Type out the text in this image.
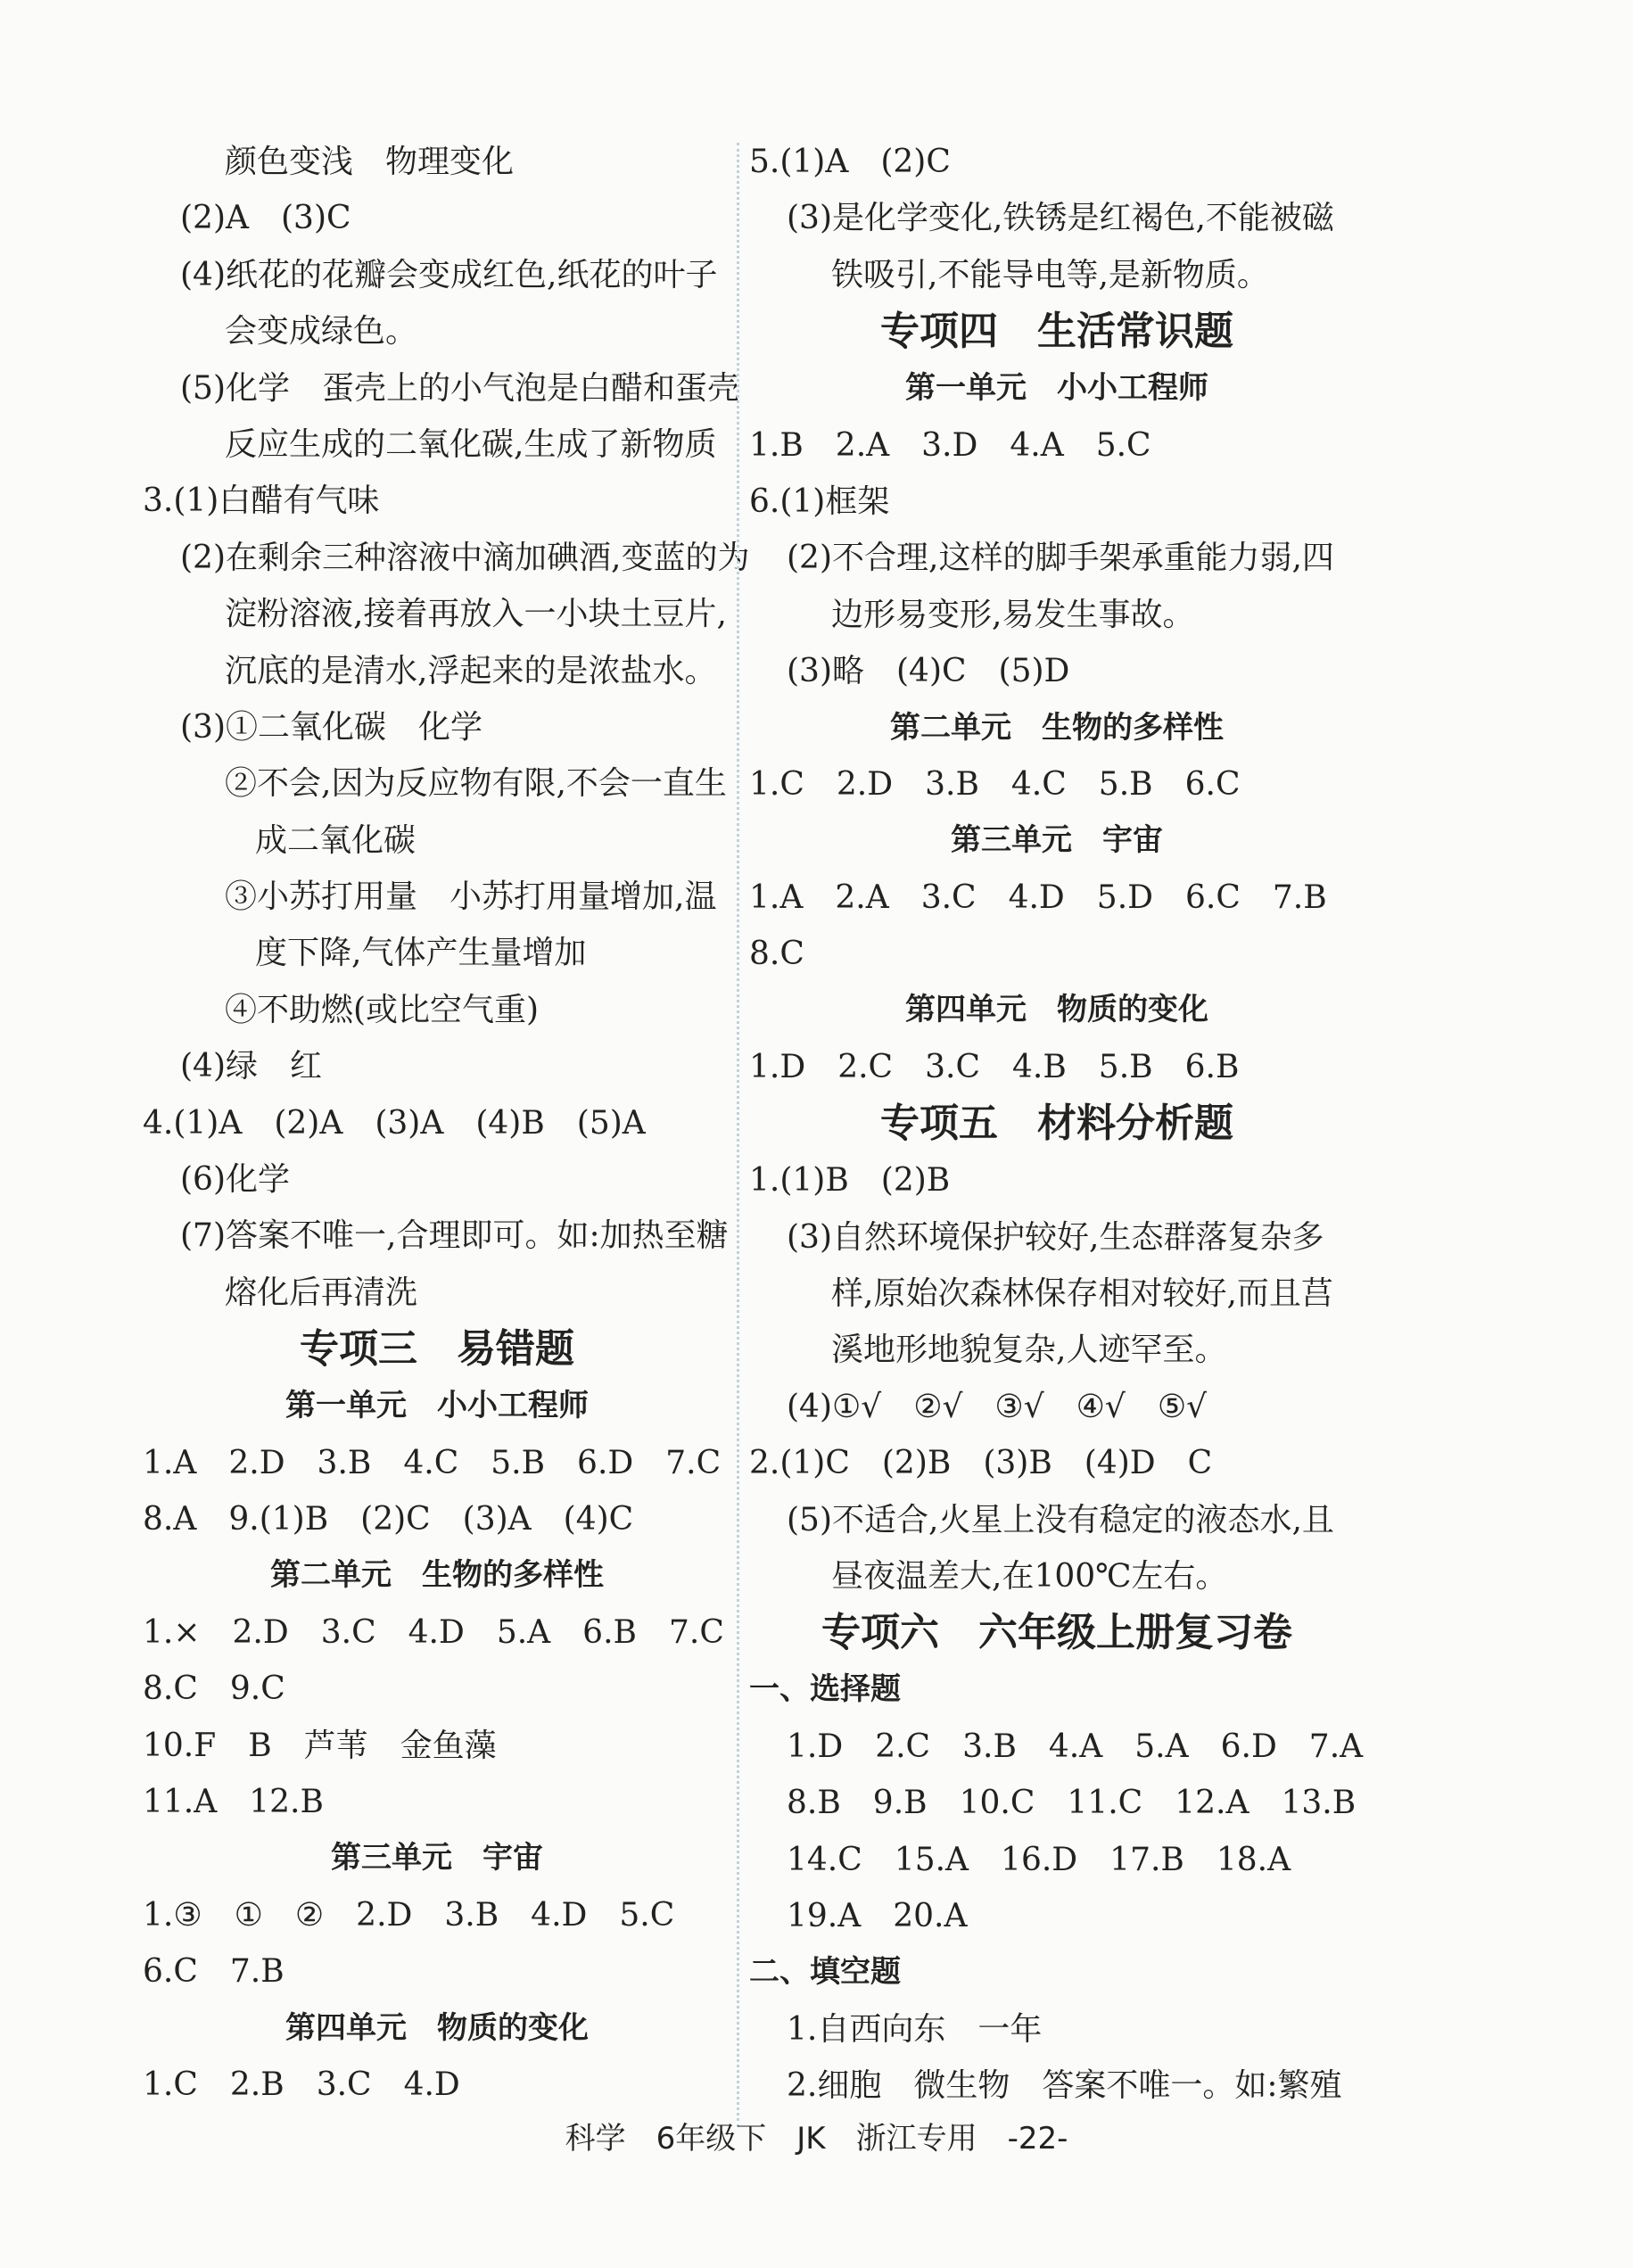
颜色变浅　物理变化
(2)A　(3)C
(4)纸花的花瓣会变成红色,纸花的叶子
会变成绿色。
(5)化学　蛋壳上的小气泡是白醋和蛋壳
反应生成的二氧化碳,生成了新物质
3.(1)白醋有气味
(2)在剩余三种溶液中滴加碘酒,变蓝的为
淀粉溶液,接着再放入一小块土豆片,
沉底的是清水,浮起来的是浓盐水。
(3)①二氧化碳　化学
②不会,因为反应物有限,不会一直生
成二氧化碳
③小苏打用量　小苏打用量增加,温
度下降,气体产生量增加
④不助燃(或比空气重)
(4)绿　红
4.(1)A　(2)A　(3)A　(4)B　(5)A
(6)化学
(7)答案不唯一,合理即可。如:加热至糖
熔化后再清洗
专项三　易错题
第一单元　小小工程师
1.A　2.D　3.B　4.C　5.B　6.D　7.C
8.A　9.(1)B　(2)C　(3)A　(4)C
第二单元　生物的多样性
1.×　2.D　3.C　4.D　5.A　6.B　7.C
8.C　9.C
10.F　B　芦苇　金鱼藻
11.A　12.B
第三单元　宇宙
1.③　①　②　2.D　3.B　4.D　5.C
6.C　7.B
第四单元　物质的变化
1.C　2.B　3.C　4.D
5.(1)A　(2)C
(3)是化学变化,铁锈是红褐色,不能被磁
铁吸引,不能导电等,是新物质。
专项四　生活常识题
第一单元　小小工程师
1.B　2.A　3.D　4.A　5.C
6.(1)框架
(2)不合理,这样的脚手架承重能力弱,四
边形易变形,易发生事故。
(3)略　(4)C　(5)D
第二单元　生物的多样性
1.C　2.D　3.B　4.C　5.B　6.C
第三单元　宇宙
1.A　2.A　3.C　4.D　5.D　6.C　7.B
8.C
第四单元　物质的变化
1.D　2.C　3.C　4.B　5.B　6.B
专项五　材料分析题
1.(1)B　(2)B
(3)自然环境保护较好,生态群落复杂多
样,原始次森林保存相对较好,而且莒
溪地形地貌复杂,人迹罕至。
(4)①√　②√　③√　④√　⑤√
2.(1)C　(2)B　(3)B　(4)D　C
(5)不适合,火星上没有稳定的液态水,且
昼夜温差大,在100℃左右。
专项六　六年级上册复习卷
一、选择题
1.D　2.C　3.B　4.A　5.A　6.D　7.A
8.B　9.B　10.C　11.C　12.A　13.B
14.C　15.A　16.D　17.B　18.A
19.A　20.A
二、填空题
1.自西向东　一年
2.细胞　微生物　答案不唯一。如:繁殖
科学　6年级下　JK　浙江专用　-22-
